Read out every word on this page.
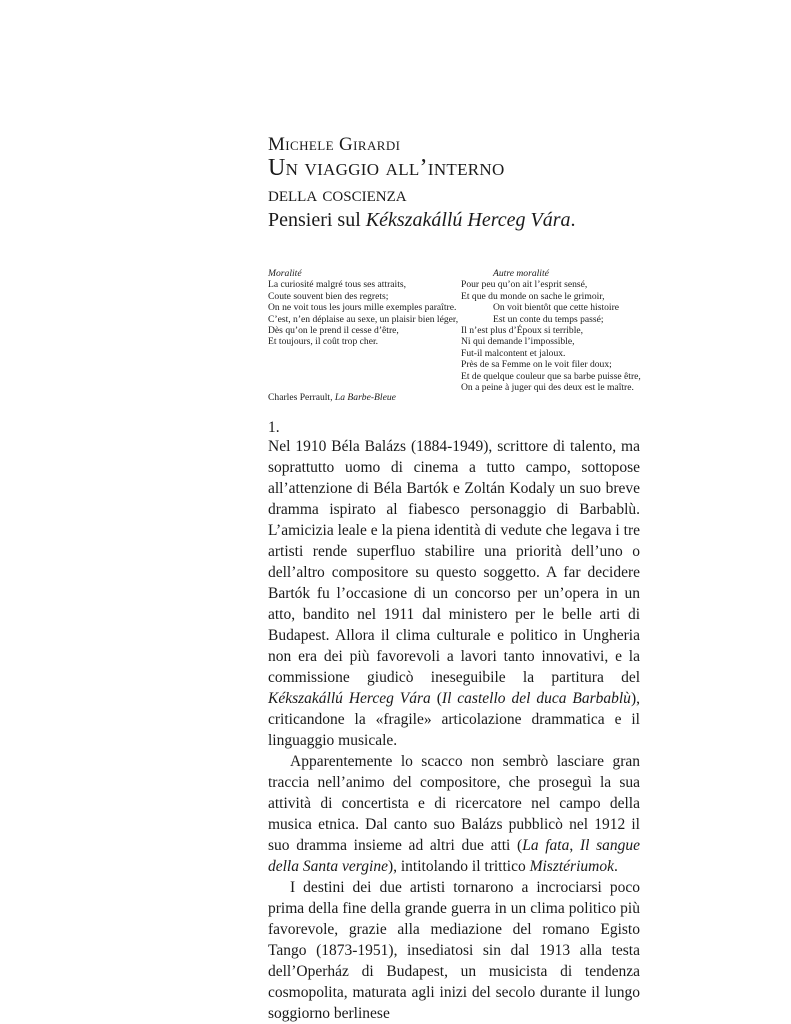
Michele Girardi

Un viaggio all’interno

della coscienza

Pensieri sul Kékszakállú Herceg Vára.

Moralité
La curiosité malgré tous ses attraits,
Coute souvent bien des regrets;
On ne voit tous les jours mille exemples paraître.
C’est, n’en déplaise au sexe, un plaisir bien léger,
Dès qu’on le prend il cesse d’être,
Et toujours, il coût trop cher.
Autre moralité
Pour peu qu’on ait l’esprit sensé,
Et que du monde on sache le grimoir,
On voit bientôt que cette histoire
Est un conte du temps passé;
Il n’est plus d’Époux si terrible,
Ni qui demande l’impossible,
Fut-il malcontent et jaloux.
Près de sa Femme on le voit filer doux;
Et de quelque couleur que sa barbe puisse être,
On a peine à juger qui des deux est le maître.
Charles Perrault, La Barbe-Bleue
1.

Nel 1910 Béla Balázs (1884-1949), scrittore di talento, ma soprattutto uomo di cinema a tutto campo, sottopose all’attenzione di Béla Bartók e Zoltán Kodaly un suo breve dramma ispirato al fiabesco personaggio di Barbablù. L’amicizia leale e la piena identità di vedute che legava i tre artisti rende superfluo stabilire una priorità dell’uno o dell’altro compositore su questo soggetto. A far decidere Bartók fu l’occasione di un concorso per un’opera in un atto, bandito nel 1911 dal ministero per le belle arti di Budapest. Allora il clima culturale e politico in Ungheria non era dei più favorevoli a lavori tanto innovativi, e la commissione giudicò ineseguibile la partitura del Kékszakállú Herceg Vára (Il castello del duca Barbablù), criticandone la «fragile» articolazione drammatica e il linguaggio musicale.

Apparentemente lo scacco non sembrò lasciare gran traccia nell’animo del compositore, che proseguì la sua attività di concertista e di ricercatore nel campo della musica etnica. Dal canto suo Balázs pubblicò nel 1912 il suo dramma insieme ad altri due atti (La fata, Il sangue della Santa vergine), intitolando il trittico Misztériumok.

I destini dei due artisti tornarono a incrociarsi poco prima della fine della grande guerra in un clima politico più favorevole, grazie alla mediazione del romano Egisto Tango (1873-1951), insediatosi sin dal 1913 alla testa dell’Operház di Budapest, un musicista di tendenza cosmopolita, maturata agli inizi del secolo durante il lungo soggiorno berlinese
